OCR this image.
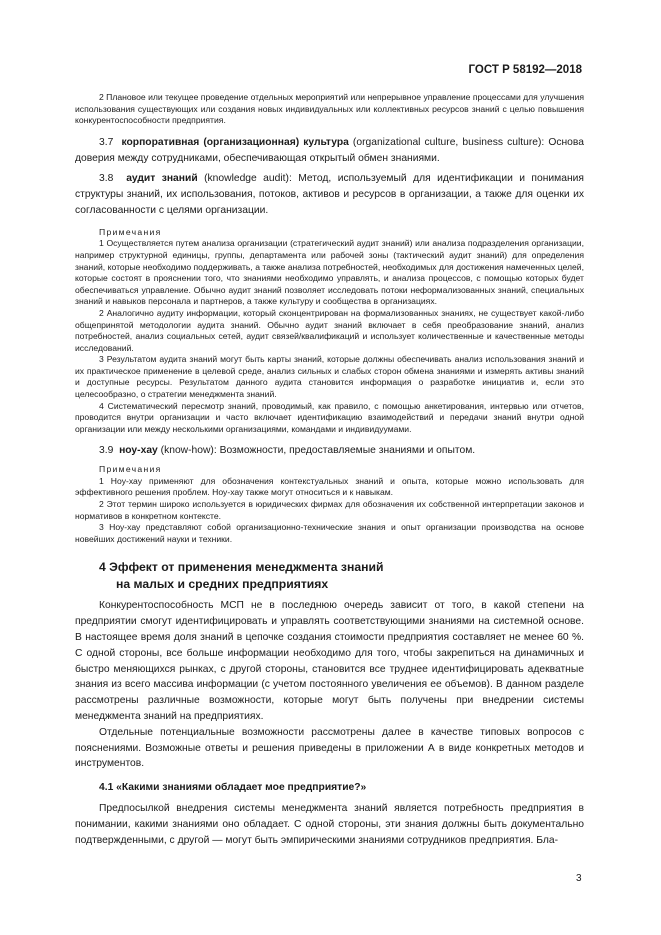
ГОСТ Р 58192—2018

2 Плановое или текущее проведение отдельных мероприятий или непрерывное управление процессами для улучшения использования существующих или создания новых индивидуальных или коллективных ресурсов знаний с целью повышения конкурентоспособности предприятия.

3.7 корпоративная (организационная) культура (organizational culture, business culture): Основа доверия между сотрудниками, обеспечивающая открытый обмен знаниями.

3.8 аудит знаний (knowledge audit): Метод, используемый для идентификации и понимания структуры знаний, их использования, потоков, активов и ресурсов в организации, а также для оценки их согласованности с целями организации.

Примечания

1 Осуществляется путем анализа организации (стратегический аудит знаний) или анализа подразделения организации, например структурной единицы, группы, департамента или рабочей зоны (тактический аудит знаний) для определения знаний, которые необходимо поддерживать, а также анализа потребностей, необходимых для достижения намеченных целей, которые состоят в прояснении того, что знаниями необходимо управлять, и анализа процессов, с помощью которых будет обеспечиваться управление. Обычно аудит знаний позволяет исследовать потоки неформализованных знаний, специальных знаний и навыков персонала и партнеров, а также культуру и сообщества в организациях.

2 Аналогично аудиту информации, который сконцентрирован на формализованных знаниях, не существует какой-либо общепринятой методологии аудита знаний. Обычно аудит знаний включает в себя преобразование знаний, анализ потребностей, анализ социальных сетей, аудит связей/квалификаций и использует количественные и качественные методы исследований.

3 Результатом аудита знаний могут быть карты знаний, которые должны обеспечивать анализ использования знаний и их практическое применение в целевой среде, анализ сильных и слабых сторон обмена знаниями и измерять активы знаний и доступные ресурсы. Результатом данного аудита становится информация о разработке инициатив и, если это целесообразно, о стратегии менеджмента знаний.

4 Систематический пересмотр знаний, проводимый, как правило, с помощью анкетирования, интервью или отчетов, проводится внутри организации и часто включает идентификацию взаимодействий и передачи знаний внутри одной организации или между несколькими организациями, командами и индивидуумами.

3.9 ноу-хау (know-how): Возможности, предоставляемые знаниями и опытом.

Примечания

1 Ноу-хау применяют для обозначения контекстуальных знаний и опыта, которые можно использовать для эффективного решения проблем. Ноу-хау также могут относиться и к навыкам.

2 Этот термин широко используется в юридических фирмах для обозначения их собственной интерпретации законов и нормативов в конкретном контексте.

3 Ноу-хау представляют собой организационно-технические знания и опыт организации производства на основе новейших достижений науки и техники.

4 Эффект от применения менеджмента знаний
на малых и средних предприятиях

Конкурентоспособность МСП не в последнюю очередь зависит от того, в какой степени на предприятии смогут идентифицировать и управлять соответствующими знаниями на системной основе. В настоящее время доля знаний в цепочке создания стоимости предприятия составляет не менее 60 %. С одной стороны, все больше информации необходимо для того, чтобы закрепиться на динамичных и быстро меняющихся рынках, с другой стороны, становится все труднее идентифицировать адекватные знания из всего массива информации (с учетом постоянного увеличения ее объемов). В данном разделе рассмотрены различные возможности, которые могут быть получены при внедрении системы менеджмента знаний на предприятиях.

Отдельные потенциальные возможности рассмотрены далее в качестве типовых вопросов с пояснениями. Возможные ответы и решения приведены в приложении А в виде конкретных методов и инструментов.

4.1 «Какими знаниями обладает мое предприятие?»

Предпосылкой внедрения системы менеджмента знаний является потребность предприятия в понимании, какими знаниями оно обладает. С одной стороны, эти знания должны быть документально подтвержденными, с другой — могут быть эмпирическими знаниями сотрудников предприятия. Бла-

3
